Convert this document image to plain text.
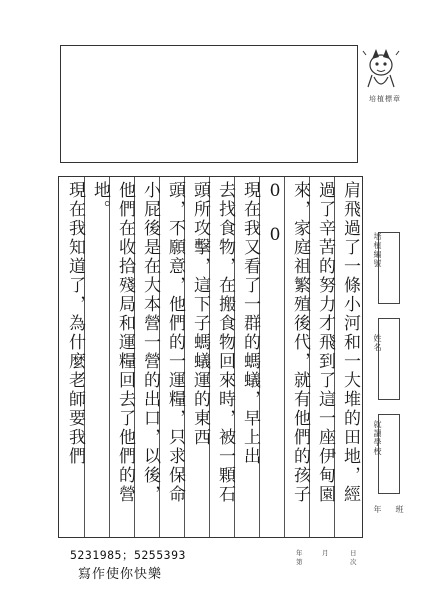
培植標章
肩飛過了一條小河和一大堆的田地，經
過了辛苦的努力才飛到了這一座伊甸園
來，家庭祖繁殖後代，就有他們的孩子
0 0
現在我又看了一群的螞蟻，早上出
去找食物，在搬食物回來時，被一顆石
頭所攻擊，這下子螞蟻運的東西
頭，不願意，他們的一運糧，只求保命
小屁後是在大本營一營的出口，以後，
他們在收拾殘局和運糧回去了他們的營
地。
現在我知道了，為什麼老師要我們	培植編號
姓名
就讀學校
年 班
5231985；5255393
寫作使你快樂
年	月	日
第	次
